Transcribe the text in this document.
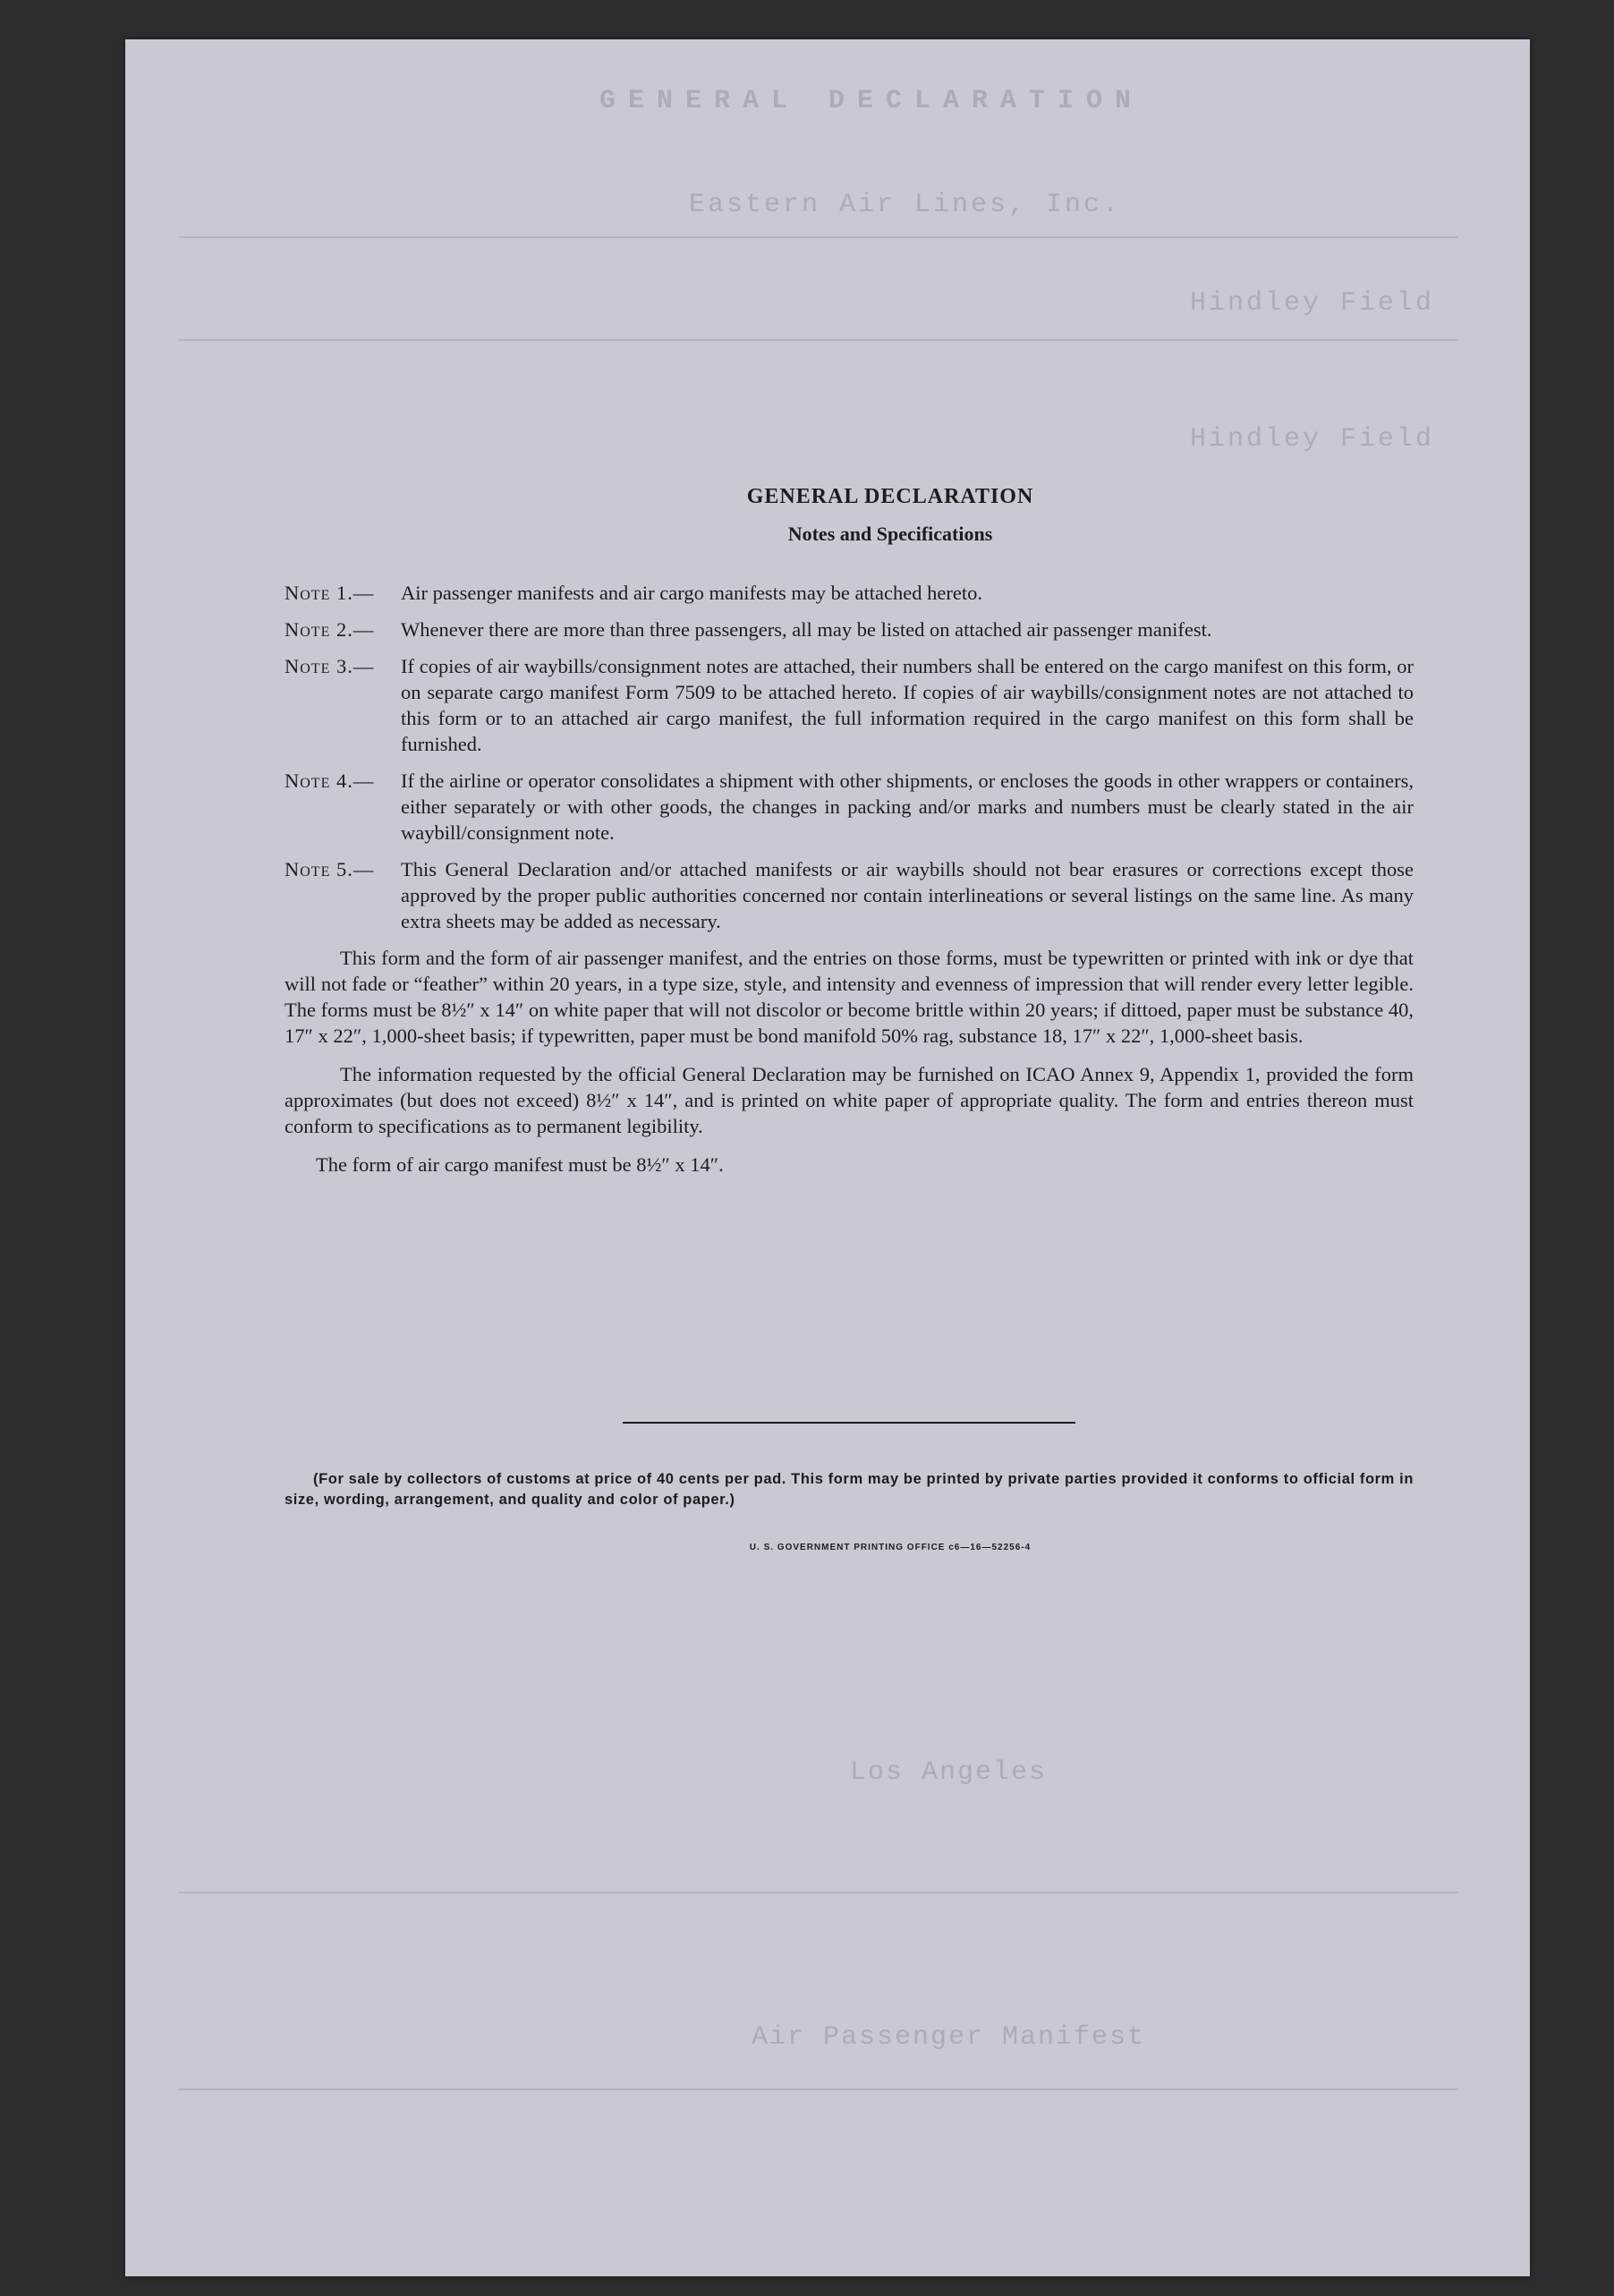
GENERAL DECLARATION
Eastern Air Lines, Inc.
Hindley Field
Hindley Field
Los Angeles
Air Passenger Manifest
GENERAL DECLARATION
Notes and Specifications
Note 1.—	Air passenger manifests and air cargo manifests may be attached hereto.
Note 2.—	Whenever there are more than three passengers, all may be listed on attached air passenger manifest.
Note 3.—	If copies of air waybills/consignment notes are attached, their numbers shall be entered on the cargo manifest on this form, or on separate cargo manifest Form 7509 to be attached hereto. If copies of air waybills/consignment notes are not attached to this form or to an attached air cargo manifest, the full information required in the cargo manifest on this form shall be furnished.
Note 4.—	If the airline or operator consolidates a shipment with other shipments, or encloses the goods in other wrappers or containers, either separately or with other goods, the changes in packing and/or marks and numbers must be clearly stated in the air waybill/consignment note.
Note 5.—	This General Declaration and/or attached manifests or air waybills should not bear erasures or corrections except those approved by the proper public authorities concerned nor contain interlineations or several listings on the same line. As many extra sheets may be added as necessary.

This form and the form of air passenger manifest, and the entries on those forms, must be typewritten or printed with ink or dye that will not fade or “feather” within 20 years, in a type size, style, and intensity and evenness of impression that will render every letter legible. The forms must be 8½″ x 14″ on white paper that will not discolor or become brittle within 20 years; if dittoed, paper must be substance 40, 17″ x 22″, 1,000-sheet basis; if typewritten, paper must be bond manifold 50% rag, substance 18, 17″ x 22″, 1,000-sheet basis.

The information requested by the official General Declaration may be furnished on ICAO Annex 9, Appendix 1, provided the form approximates (but does not exceed) 8½″ x 14″, and is printed on white paper of appropriate quality. The form and entries thereon must conform to specifications as to permanent legibility.

The form of air cargo manifest must be 8½″ x 14″.

(For sale by collectors of customs at price of 40 cents per pad. This form may be printed by private parties provided it conforms to official form in size, wording, arrangement, and quality and color of paper.)
U. S. GOVERNMENT PRINTING OFFICE c6—16—52256-4
